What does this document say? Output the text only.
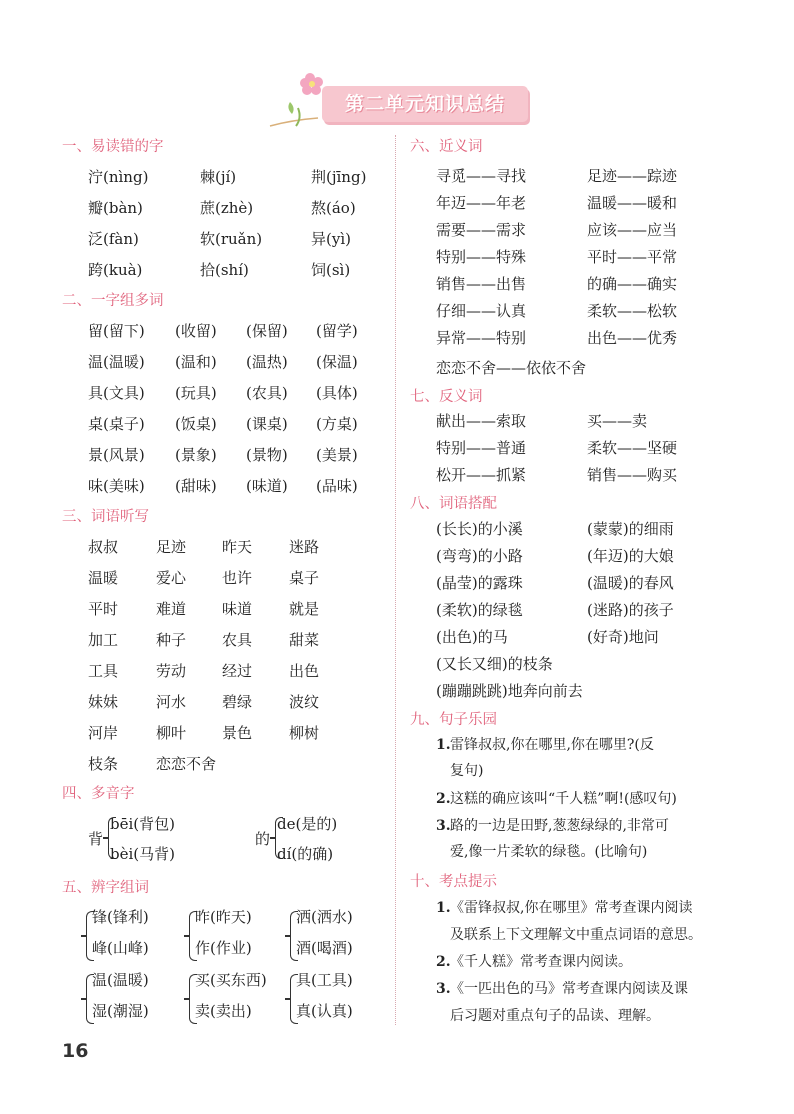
第二单元知识总结
一、易读错的字
泞(nìng)	棘(jí)	荆(jīng)
瓣(bàn)	蔗(zhè)	熬(áo)
泛(fàn)	软(ruǎn)	异(yì)
跨(kuà)	拾(shí)	饲(sì)
二、一字组多词
留(留下) (收留) (保留) (留学)
温(温暖) (温和) (温热) (保温)
具(文具) (玩具) (农具) (具体)
桌(桌子) (饭桌) (课桌) (方桌)
景(风景) (景象) (景物) (美景)
味(美味) (甜味) (味道) (品味)
三、词语听写
叔叔	足迹 昨天 迷路
温暖	爱心 也许 桌子
平时	难道 味道 就是
加工	种子 农具 甜菜
工具	劳动 经过 出色
妹妹	河水 碧绿 波纹
河岸	柳叶 景色 柳树
枝条	恋恋不舍
四、多音字
背
bēi(背包)
bèi(马背)
的
de(是的)
dí(的确)
五、辨字组词
锋(锋利)
峰(山峰)
昨(昨天)
作(作业)
洒(洒水)
酒(喝酒)
温(温暖)
湿(潮湿)
买(买东西)
卖(卖出)
具(工具)
真(认真)
六、近义词
寻觅——寻找	足迹——踪迹
年迈——年老	温暖——暖和
需要——需求	应该——应当
特别——特殊	平时——平常
销售——出售	的确——确实
仔细——认真	柔软——松软
异常——特别	出色——优秀
恋恋不舍——依依不舍
七、反义词
献出——索取	买——卖
特别——普通	柔软——坚硬
松开——抓紧	销售——购买
八、词语搭配
(长长)的小溪	(蒙蒙)的细雨
(弯弯)的小路	(年迈)的大娘
(晶莹)的露珠	(温暖)的春风
(柔软)的绿毯	(迷路)的孩子
(出色)的马	(好奇)地问
(又长又细)的枝条
(蹦蹦跳跳)地奔向前去
九、句子乐园
1. 雷锋叔叔,你在哪里,你在哪里?(反
复句)
2. 这糕的确应该叫“千人糕”啊!(感叹句)
3. 路的一边是田野,葱葱绿绿的,非常可
爱,像一片柔软的绿毯。(比喻句)
十、考点提示
1. 《雷锋叔叔,你在哪里》常考查课内阅读
及联系上下文理解文中重点词语的意思。
2. 《千人糕》常考查课内阅读。
3. 《一匹出色的马》常考查课内阅读及课
后习题对重点句子的品读、理解。
16
